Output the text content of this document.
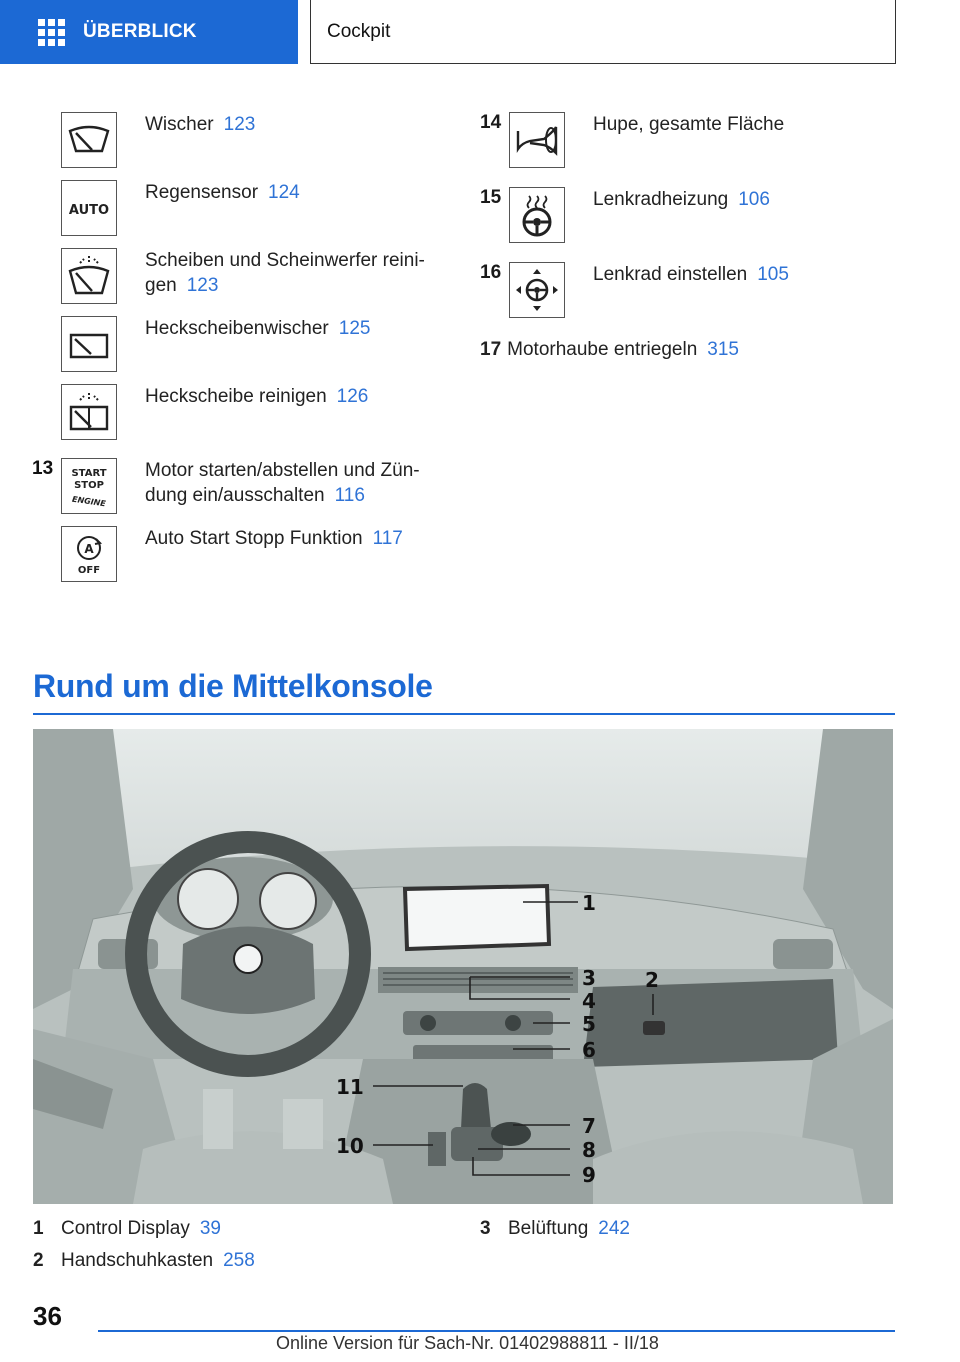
ÜBERBLICK	Cockpit
Wischer 123
AUTO
Regensensor 124
Scheiben und Scheinwerfer reini-
gen 123
Heckscheibenwischer 125
Heckscheibe reinigen 126
13 START
STOP
ENGINE
Motor starten/abstellen und Zün-
dung ein/ausschalten 116
A
OFF
Auto Start Stopp Funktion 117
14	Hupe, gesamte Fläche
15	Lenkradheizung 106
16	Lenkrad einstellen 105
17 Motorhaube entriegeln 315
Rund um die Mittelkonsole
1
2
3
4
5
6
7
8
9
10
11
1 Control Display 39
2 Handschuhkasten 258
3 Belüftung 242
36
Online Version für Sach-Nr. 01402988811 - II/18
